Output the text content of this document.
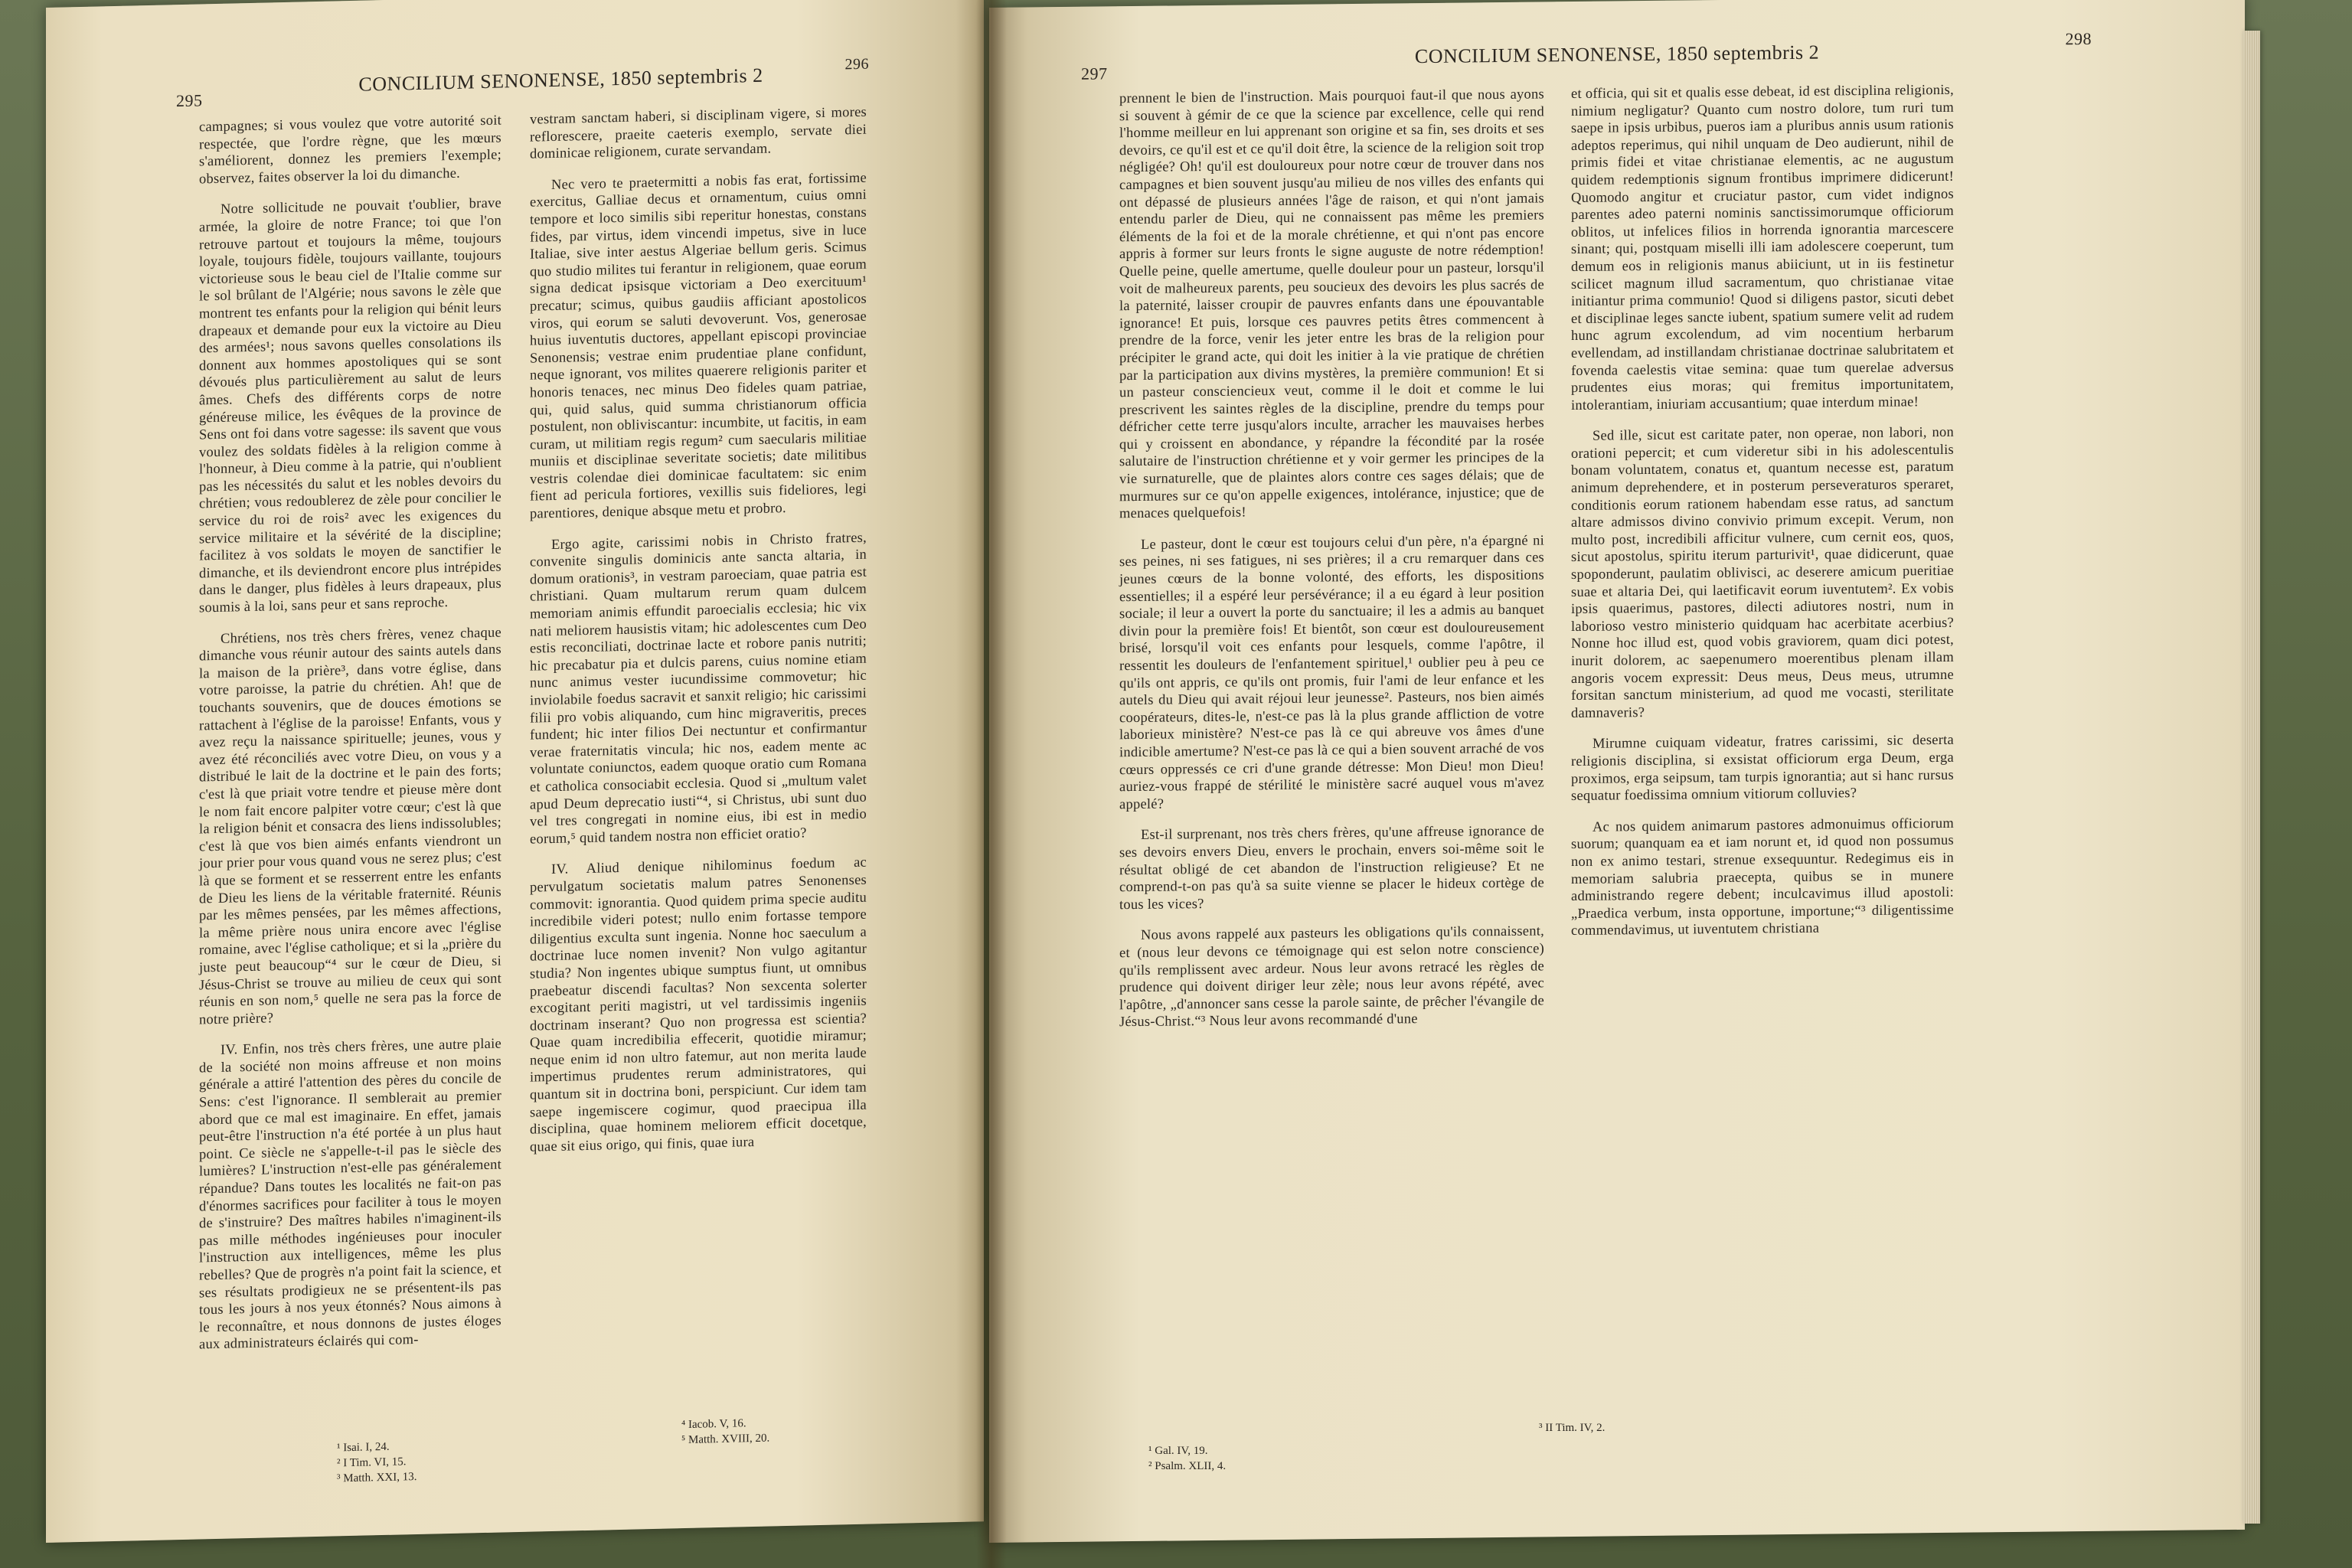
295
CONCILIUM SENONENSE, 1850 septembris 2	296

campagnes; si vous voulez que votre autorité soit respectée, que l'ordre règne, que les mœurs s'améliorent, donnez les premiers l'exemple; observez, faites observer la loi du dimanche.

Notre sollicitude ne pouvait t'oublier, brave armée, la gloire de notre France; toi que l'on retrouve partout et toujours la même, toujours loyale, toujours fidèle, toujours vaillante, toujours victorieuse sous le beau ciel de l'Italie comme sur le sol brûlant de l'Algérie; nous savons le zèle que montrent tes enfants pour la religion qui bénit leurs drapeaux et demande pour eux la victoire au Dieu des armées¹; nous savons quelles consolations ils donnent aux hommes apostoliques qui se sont dévoués plus particulièrement au salut de leurs âmes. Chefs des différents corps de notre généreuse milice, les évêques de la province de Sens ont foi dans votre sagesse: ils savent que vous voulez des soldats fidèles à la religion comme à l'honneur, à Dieu comme à la patrie, qui n'oublient pas les nécessités du salut et les nobles devoirs du chrétien; vous redoublerez de zèle pour concilier le service du roi de rois² avec les exigences du service militaire et la sévérité de la discipline; facilitez à vos soldats le moyen de sanctifier le dimanche, et ils deviendront encore plus intrépides dans le danger, plus fidèles à leurs drapeaux, plus soumis à la loi, sans peur et sans reproche.

Chrétiens, nos très chers frères, venez chaque dimanche vous réunir autour des saints autels dans la maison de la prière³, dans votre église, dans votre paroisse, la patrie du chrétien. Ah! que de touchants souvenirs, que de douces émotions se rattachent à l'église de la paroisse! Enfants, vous y avez reçu la naissance spirituelle; jeunes, vous y avez été réconciliés avec votre Dieu, on vous y a distribué le lait de la doctrine et le pain des forts; c'est là que priait votre tendre et pieuse mère dont le nom fait encore palpiter votre cœur; c'est là que la religion bénit et consacra des liens indissolubles; c'est là que vos bien aimés enfants viendront un jour prier pour vous quand vous ne serez plus; c'est là que se forment et se resserrent entre les enfants de Dieu les liens de la véritable fraternité. Réunis par les mêmes pensées, par les mêmes affections, la même prière nous unira encore avec l'église romaine, avec l'église catholique; et si la „prière du juste peut beaucoup“⁴ sur le cœur de Dieu, si Jésus-Christ se trouve au milieu de ceux qui sont réunis en son nom,⁵ quelle ne sera pas la force de notre prière?

IV. Enfin, nos très chers frères, une autre plaie de la société non moins affreuse et non moins générale a attiré l'attention des pères du concile de Sens: c'est l'ignorance. Il semblerait au premier abord que ce mal est imaginaire. En effet, jamais peut-être l'instruction n'a été portée à un plus haut point. Ce siècle ne s'appelle-t-il pas le siècle des lumières? L'instruction n'est-elle pas généralement répandue? Dans toutes les localités ne fait-on pas d'énormes sacrifices pour faciliter à tous le moyen de s'instruire? Des maîtres habiles n'imaginent-ils pas mille méthodes ingénieuses pour inoculer l'instruction aux intelligences, même les plus rebelles? Que de progrès n'a point fait la science, et ses résultats prodigieux ne se présentent-ils pas tous les jours à nos yeux étonnés? Nous aimons à le reconnaître, et nous donnons de justes éloges aux administrateurs éclairés qui com-

vestram sanctam haberi, si disciplinam vigere, si mores reflorescere, praeite caeteris exemplo, servate diei dominicae religionem, curate servandam.

Nec vero te praetermitti a nobis fas erat, fortissime exercitus, Galliae decus et ornamentum, cuius omni tempore et loco similis sibi reperitur honestas, constans fides, par virtus, idem vincendi impetus, sive in luce Italiae, sive inter aestus Algeriae bellum geris. Scimus quo studio milites tui ferantur in religionem, quae eorum signa dedicat ipsisque victoriam a Deo exercituum¹ precatur; scimus, quibus gaudiis afficiant apostolicos viros, qui eorum se saluti devoverunt. Vos, generosae huius iuventutis ductores, appellant episcopi provinciae Senonensis; vestrae enim prudentiae plane confidunt, neque ignorant, vos milites quaerere religionis pariter et honoris tenaces, nec minus Deo fideles quam patriae, qui, quid salus, quid summa christianorum officia postulent, non obliviscantur: incumbite, ut facitis, in eam curam, ut militiam regis regum² cum saecularis militiae muniis et disciplinae severitate societis; date militibus vestris colendae diei dominicae facultatem: sic enim fient ad pericula fortiores, vexillis suis fideliores, legi parentiores, denique absque metu et probro.

Ergo agite, carissimi nobis in Christo fratres, convenite singulis dominicis ante sancta altaria, in domum orationis³, in vestram paroeciam, quae patria est christiani. Quam multarum rerum quam dulcem memoriam animis effundit paroecialis ecclesia; hic vix nati meliorem hausistis vitam; hic adolescentes cum Deo estis reconciliati, doctrinae lacte et robore panis nutriti; hic precabatur pia et dulcis parens, cuius nomine etiam nunc animus vester iucundissime commovetur; hic inviolabile foedus sacravit et sanxit religio; hic carissimi filii pro vobis aliquando, cum hinc migraveritis, preces fundent; hic inter filios Dei nectuntur et confirmantur verae fraternitatis vincula; hic nos, eadem mente ac voluntate coniunctos, eadem quoque oratio cum Romana et catholica consociabit ecclesia. Quod si „multum valet apud Deum deprecatio iusti“⁴, si Christus, ubi sunt duo vel tres congregati in nomine eius, ibi est in medio eorum,⁵ quid tandem nostra non efficiet oratio?

IV. Aliud denique nihilominus foedum ac pervulgatum societatis malum patres Senonenses commovit: ignorantia. Quod quidem prima specie auditu incredibile videri potest; nullo enim fortasse tempore diligentius exculta sunt ingenia. Nonne hoc saeculum a doctrinae luce nomen invenit? Non vulgo agitantur studia? Non ingentes ubique sumptus fiunt, ut omnibus praebeatur discendi facultas? Non sexcenta solerter excogitant periti magistri, ut vel tardissimis ingeniis doctrinam inserant? Quo non progressa est scientia? Quae quam incredibilia effecerit, quotidie miramur; neque enim id non ultro fatemur, aut non merita laude impertimus prudentes rerum administratores, qui quantum sit in doctrina boni, perspiciunt. Cur idem tam saepe ingemiscere cogimur, quod praecipua illa disciplina, quae hominem meliorem efficit docetque, quae sit eius origo, qui finis, quae iura

¹ Isai. I, 24.
² I Tim. VI, 15.
³ Matth. XXI, 13.
⁴ Iacob. V, 16.
⁵ Matth. XVIII, 20.
297
CONCILIUM SENONENSE, 1850 septembris 2
298

prennent le bien de l'instruction. Mais pourquoi faut-il que nous ayons si souvent à gémir de ce que la science par excellence, celle qui rend l'homme meilleur en lui apprenant son origine et sa fin, ses droits et ses devoirs, ce qu'il est et ce qu'il doit être, la science de la religion soit trop négligée? Oh! qu'il est douloureux pour notre cœur de trouver dans nos campagnes et bien souvent jusqu'au milieu de nos villes des enfants qui ont dépassé de plusieurs années l'âge de raison, et qui n'ont jamais entendu parler de Dieu, qui ne connaissent pas même les premiers éléments de la foi et de la morale chrétienne, et qui n'ont pas encore appris à former sur leurs fronts le signe auguste de notre rédemption! Quelle peine, quelle amertume, quelle douleur pour un pasteur, lorsqu'il voit de malheureux parents, peu soucieux des devoirs les plus sacrés de la paternité, laisser croupir de pauvres enfants dans une épouvantable ignorance! Et puis, lorsque ces pauvres petits êtres commencent à prendre de la force, venir les jeter entre les bras de la religion pour précipiter le grand acte, qui doit les initier à la vie pratique de chrétien par la participation aux divins mystères, la première communion! Et si un pasteur consciencieux veut, comme il le doit et comme le lui prescrivent les saintes règles de la discipline, prendre du temps pour défricher cette terre jusqu'alors inculte, arracher les mauvaises herbes qui y croissent en abondance, y répandre la fécondité par la rosée salutaire de l'instruction chrétienne et y voir germer les principes de la vie surnaturelle, que de plaintes alors contre ces sages délais; que de murmures sur ce qu'on appelle exigences, intolérance, injustice; que de menaces quelquefois!

Le pasteur, dont le cœur est toujours celui d'un père, n'a épargné ni ses peines, ni ses fatigues, ni ses prières; il a cru remarquer dans ces jeunes cœurs de la bonne volonté, des efforts, les dispositions essentielles; il a espéré leur persévérance; il a eu égard à leur position sociale; il leur a ouvert la porte du sanctuaire; il les a admis au banquet divin pour la première fois! Et bientôt, son cœur est douloureusement brisé, lorsqu'il voit ces enfants pour lesquels, comme l'apôtre, il ressentit les douleurs de l'enfantement spirituel,¹ oublier peu à peu ce qu'ils ont appris, ce qu'ils ont promis, fuir l'ami de leur enfance et les autels du Dieu qui avait réjoui leur jeunesse². Pasteurs, nos bien aimés coopérateurs, dites-le, n'est-ce pas là la plus grande affliction de votre laborieux ministère? N'est-ce pas là ce qui abreuve vos âmes d'une indicible amertume? N'est-ce pas là ce qui a bien souvent arraché de vos cœurs oppressés ce cri d'une grande détresse: Mon Dieu! mon Dieu! auriez-vous frappé de stérilité le ministère sacré auquel vous m'avez appelé?

Est-il surprenant, nos très chers frères, qu'une affreuse ignorance de ses devoirs envers Dieu, envers le prochain, envers soi-même soit le résultat obligé de cet abandon de l'instruction religieuse? Et ne comprend-t-on pas qu'à sa suite vienne se placer le hideux cortège de tous les vices?

Nous avons rappelé aux pasteurs les obligations qu'ils connaissent, et (nous leur devons ce témoignage qui est selon notre conscience) qu'ils remplissent avec ardeur. Nous leur avons retracé les règles de prudence qui doivent diriger leur zèle; nous leur avons répété, avec l'apôtre, „d'annoncer sans cesse la parole sainte, de prêcher l'évangile de Jésus-Christ.“³ Nous leur avons recommandé d'une

et officia, qui sit et qualis esse debeat, id est disciplina religionis, nimium negligatur? Quanto cum nostro dolore, tum ruri tum saepe in ipsis urbibus, pueros iam a pluribus annis usum rationis adeptos reperimus, qui nihil unquam de Deo audierunt, nihil de primis fidei et vitae christianae elementis, ac ne augustum quidem redemptionis signum frontibus imprimere didicerunt! Quomodo angitur et cruciatur pastor, cum videt indignos parentes adeo paterni nominis sanctissimorumque officiorum oblitos, ut infelices filios in horrenda ignorantia marcescere sinant; qui, postquam miselli illi iam adolescere coeperunt, tum demum eos in religionis manus abiiciunt, ut in iis festinetur scilicet magnum illud sacramentum, quo christianae vitae initiantur prima communio! Quod si diligens pastor, sicuti debet et disciplinae leges sancte iubent, spatium sumere velit ad rudem hunc agrum excolendum, ad vim nocentium herbarum evellendam, ad instillandam christianae doctrinae salubritatem et fovenda caelestis vitae semina: quae tum querelae adversus prudentes eius moras; qui fremitus importunitatem, intolerantiam, iniuriam accusantium; quae interdum minae!

Sed ille, sicut est caritate pater, non operae, non labori, non orationi pepercit; et cum videretur sibi in his adolescentulis bonam voluntatem, conatus et, quantum necesse est, paratum animum deprehendere, et in posterum perseveraturos speraret, conditionis eorum rationem habendam esse ratus, ad sanctum altare admissos divino convivio primum excepit. Verum, non multo post, incredibili afficitur vulnere, cum cernit eos, quos, sicut apostolus, spiritu iterum parturivit¹, quae didicerunt, quae spoponderunt, paulatim oblivisci, ac deserere amicum pueritiae suae et altaria Dei, qui laetificavit eorum iuventutem². Ex vobis ipsis quaerimus, pastores, dilecti adiutores nostri, num in laborioso vestro ministerio quidquam hac acerbitate acerbius? Nonne hoc illud est, quod vobis graviorem, quam dici potest, inurit dolorem, ac saepenumero moerentibus plenam illam angoris vocem expressit: Deus meus, Deus meus, utrumne forsitan sanctum ministerium, ad quod me vocasti, sterilitate damnaveris?

Mirumne cuiquam videatur, fratres carissimi, sic deserta religionis disciplina, si exsistat officiorum erga Deum, erga proximos, erga seipsum, tam turpis ignorantia; aut si hanc rursus sequatur foedissima omnium vitiorum colluvies?

Ac nos quidem animarum pastores admonuimus officiorum suorum; quanquam ea et iam norunt et, id quod non possumus non ex animo testari, strenue exsequuntur. Redegimus eis in memoriam salubria praecepta, quibus se in munere administrando regere debent; inculcavimus illud apostoli: „Praedica verbum, insta opportune, importune;“³ diligentissime commendavimus, ut iuventutem christiana

¹ Gal. IV, 19.
² Psalm. XLII, 4.
³ II Tim. IV, 2.
